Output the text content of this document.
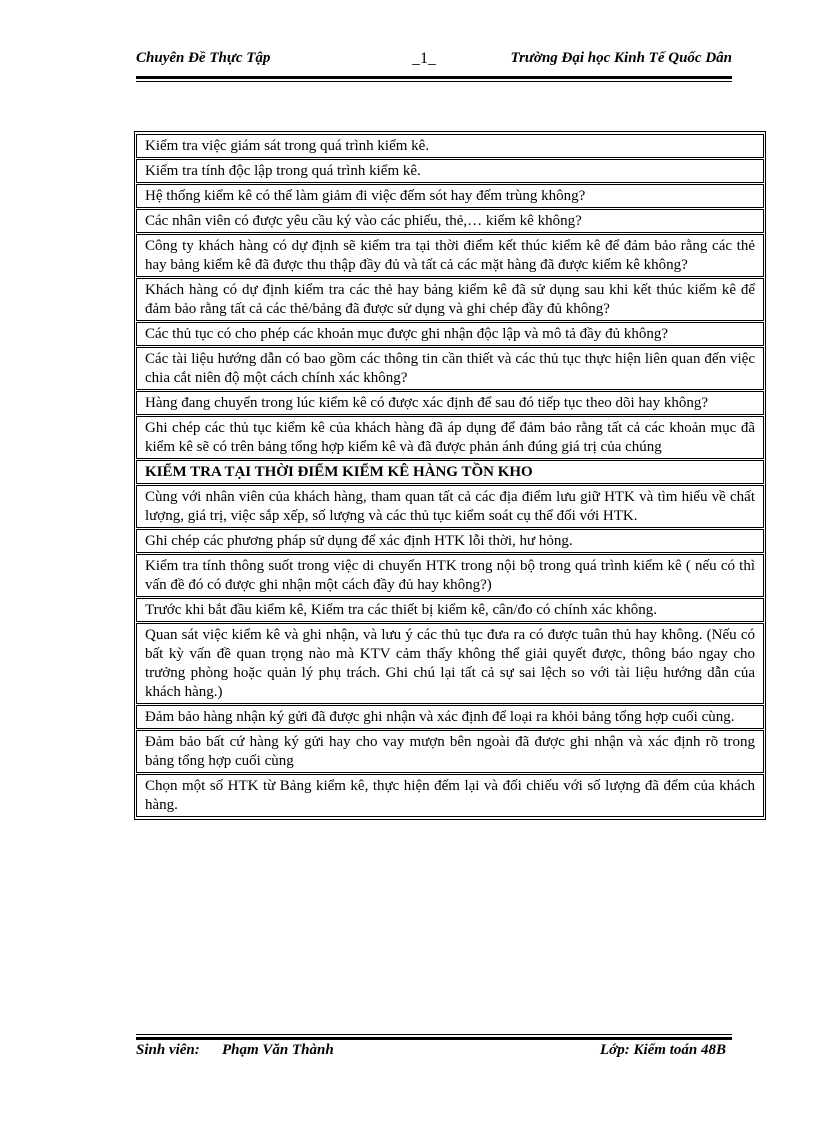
Chuyên Đề Thực Tập	_1_	Trường Đại học Kinh Tế Quốc Dân
Kiểm tra việc giám sát trong quá trình kiểm kê.
Kiểm tra tính độc lập trong quá trình kiểm kê.
Hệ thống kiểm kê có thể làm giảm đi việc đếm sót hay đếm trùng không?
Các nhân viên có được yêu cầu ký vào các phiếu, thẻ,… kiểm kê không?
Công ty khách hàng có dự định sẽ kiểm tra tại thời điểm kết thúc kiểm kê để đảm bảo rằng các thẻ hay bảng kiểm kê đã được thu thập đầy đủ và tất cả các mặt hàng đã được kiểm kê không?
Khách hàng có dự định kiểm tra các thẻ hay bảng kiểm kê đã sử dụng sau khi kết thúc kiểm kê để đảm bảo rằng tất cả các thẻ/bảng đã được sử dụng và ghi chép đầy đủ không?
Các thủ tục có cho phép các khoản mục được ghi nhận độc lập và mô tả đầy đủ không?
Các tài liệu hướng dẫn có bao gồm các thông tin cần thiết và các thủ tục thực hiện liên quan đến việc chia cắt niên độ một cách chính xác không?
Hàng đang chuyển trong lúc kiểm kê có được xác định để sau đó tiếp tục theo dõi hay không?
Ghi chép các thủ tục kiểm kê của khách hàng đã áp dụng để đảm bảo rằng tất cả các khoản mục đã kiểm kê sẽ có trên bảng tổng hợp kiểm kê và đã được phản ánh đúng giá trị của chúng
KIỂM TRA TẠI THỜI ĐIỂM KIỂM KÊ HÀNG TỒN KHO
Cùng với nhân viên của khách hàng, tham quan tất cả các địa điểm lưu giữ HTK và tìm hiểu về chất lượng, giá trị, việc sắp xếp, số lượng và các thủ tục kiểm soát cụ thể đối với HTK.
Ghi chép các phương pháp sử dụng để xác định HTK lỗi thời, hư hỏng.
Kiểm tra tính thông suốt trong việc di chuyển HTK trong nội bộ trong quá trình kiểm kê ( nếu có thì vấn đề đó có được ghi nhận một cách đầy đủ hay không?)
Trước khi bắt đầu kiểm kê, Kiểm tra các thiết bị kiểm kê, cân/đo có chính xác không.
Quan sát việc kiểm kê và ghi nhận, và lưu ý các thủ tục đưa ra có được tuân thủ hay không. (Nếu có bất kỳ vấn đề quan trọng nào mà KTV cảm thấy không thể giải quyết được, thông báo ngay cho trưởng phòng hoặc quản lý phụ trách. Ghi chú lại tất cả sự sai lệch so với tài liệu hướng dẫn của khách hàng.)
Đảm bảo hàng nhận ký gửi đã được ghi nhận và xác định để loại ra khỏi bảng tổng hợp cuối cùng.
Đảm bảo bất cứ hàng ký gửi hay cho vay mượn bên ngoài đã được ghi nhận và xác định rõ trong bảng tổng hợp cuối cùng
Chọn một số HTK từ Bảng kiểm kê, thực hiện đếm lại và đối chiếu với số lượng đã đếm của khách hàng.
Sinh viên: Phạm Văn Thành	Lớp: Kiểm toán 48B
